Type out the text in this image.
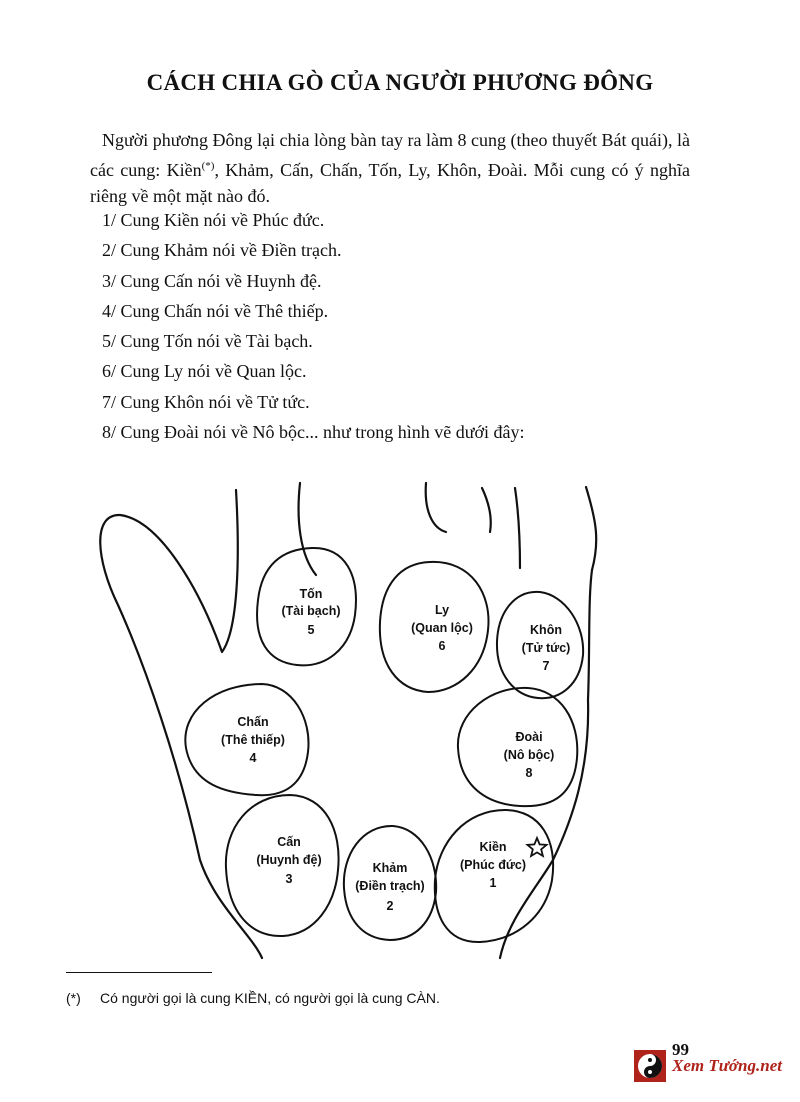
CÁCH CHIA GÒ CỦA NGƯỜI PHƯƠNG ĐÔNG

Người phương Đông lại chia lòng bàn tay ra làm 8 cung (theo thuyết Bát quái), là các cung: Kiền(*), Khảm, Cấn, Chấn, Tốn, Ly, Khôn, Đoài. Mỗi cung có ý nghĩa riêng về một mặt nào đó.

1/ Cung Kiền nói về Phúc đức.
2/ Cung Khảm nói về Điền trạch.
3/ Cung Cấn nói về Huynh đệ.
4/ Cung Chấn nói về Thê thiếp.
5/ Cung Tốn nói về Tài bạch.
6/ Cung Ly nói về Quan lộc.
7/ Cung Khôn nói về Tử tức.
8/ Cung Đoài nói về Nô bộc... như trong hình vẽ dưới đây:
Tốn
(Tài bạch)
5
Ly
(Quan lộc)
6
Khôn
(Tử tức)
7
Chấn
(Thê thiếp)
4
Đoài
(Nô bộc)
8
Cấn
(Huynh đệ)
3
Khảm
(Điền trạch)
2
Kiền
(Phúc đức)
1
(*) Có người gọi là cung KIỀN, có người gọi là cung CÀN.
99
Xem Tướng.net
